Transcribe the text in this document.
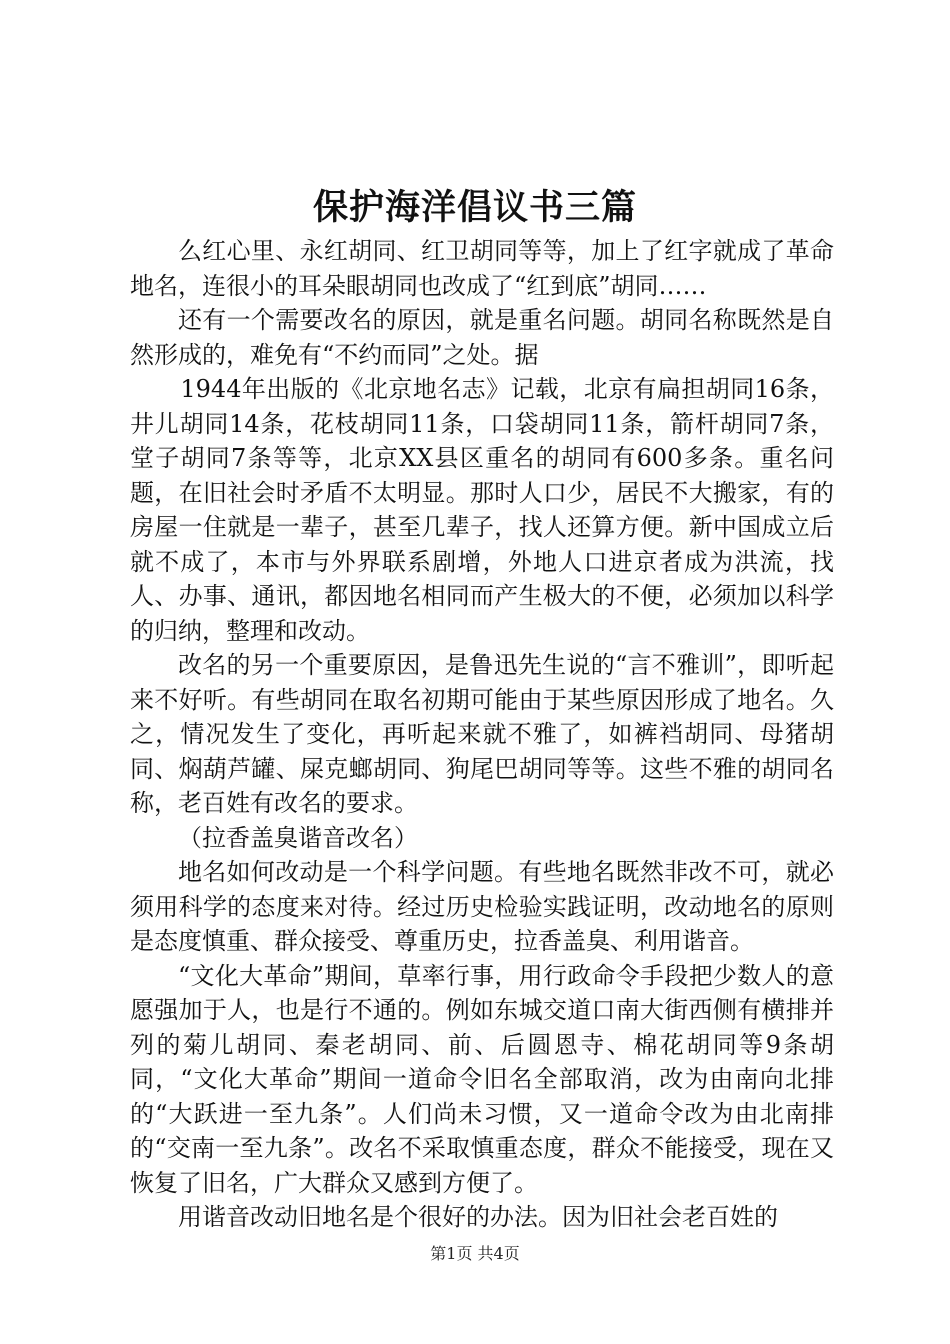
保护海洋倡议书三篇

么红心里、永红胡同、红卫胡同等等，加上了红字就成了革命地名，连很小的耳朵眼胡同也改成了“红到底”胡同……

还有一个需要改名的原因，就是重名问题。胡同名称既然是自然形成的，难免有“不约而同”之处。据

1944年出版的《北京地名志》记载，北京有扁担胡同16条，井儿胡同14条，花枝胡同11条，口袋胡同11条，箭杆胡同7条，堂子胡同7条等等，北京XX县区重名的胡同有600多条。重名问题，在旧社会时矛盾不太明显。那时人口少，居民不大搬家，有的房屋一住就是一辈子，甚至几辈子，找人还算方便。新中国成立后就不成了，本市与外界联系剧增，外地人口进京者成为洪流，找人、办事、通讯，都因地名相同而产生极大的不便，必须加以科学的归纳，整理和改动。

改名的另一个重要原因，是鲁迅先生说的“言不雅训”，即听起来不好听。有些胡同在取名初期可能由于某些原因形成了地名。久之，情况发生了变化，再听起来就不雅了，如裤裆胡同、母猪胡同、焖葫芦罐、屎克螂胡同、狗尾巴胡同等等。这些不雅的胡同名称，老百姓有改名的要求。

（拉香盖臭谐音改名）

地名如何改动是一个科学问题。有些地名既然非改不可，就必须用科学的态度来对待。经过历史检验实践证明，改动地名的原则是态度慎重、群众接受、尊重历史，拉香盖臭、利用谐音。

“文化大革命”期间，草率行事，用行政命令手段把少数人的意愿强加于人，也是行不通的。例如东城交道口南大街西侧有横排并列的菊儿胡同、秦老胡同、前、后圆恩寺、棉花胡同等9条胡同，“文化大革命”期间一道命令旧名全部取消，改为由南向北排的“大跃进一至九条”。人们尚未习惯，又一道命令改为由北南排的“交南一至九条”。改名不采取慎重态度，群众不能接受，现在又恢复了旧名，广大群众又感到方便了。

用谐音改动旧地名是个很好的办法。因为旧社会老百姓的

第1页 共4页
